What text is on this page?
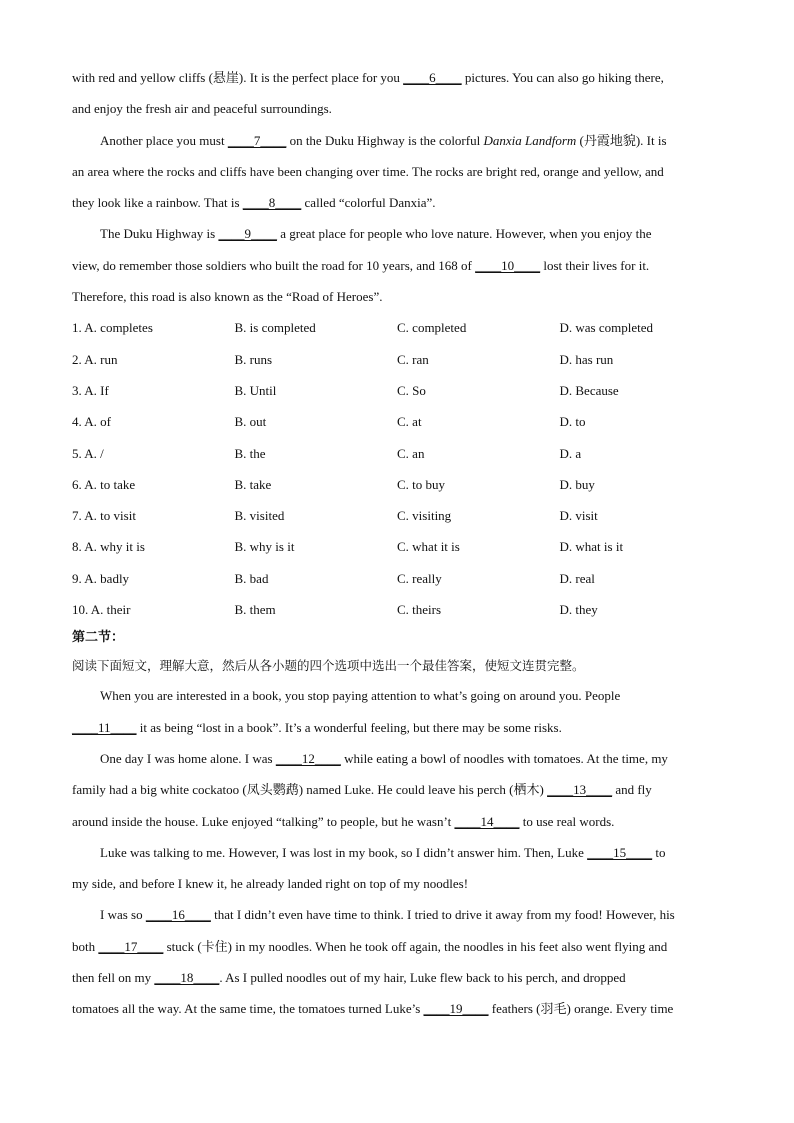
with red and yellow cliffs (悬崖). It is the perfect place for you ____6____ pictures. You can also go hiking there,
and enjoy the fresh air and peaceful surroundings.
Another place you must ____7____ on the Duku Highway is the colorful Danxia Landform (丹霞地貌). It is
an area where the rocks and cliffs have been changing over time. The rocks are bright red, orange and yellow, and
they look like a rainbow. That is ____8____ called “colorful Danxia”.
The Duku Highway is ____9____ a great place for people who love nature. However, when you enjoy the
view, do remember those soldiers who built the road for 10 years, and 168 of ____10____ lost their lives for it.
Therefore, this road is also known as the “Road of Heroes”.
1. A. completes	B. is completed	C. completed	D. was completed
2. A. run	B. runs	C. ran	D. has run
3. A. If	B. Until	C. So	D. Because
4. A. of	B. out	C. at	D. to
5. A. /	B. the	C. an	D. a
6. A. to take	B. take	C. to buy	D. buy
7. A. to visit	B. visited	C. visiting	D. visit
8. A. why it is	B. why is it	C. what it is	D. what is it
9. A. badly	B. bad	C. really	D. real
10. A. their	B. them	C. theirs	D. they
第二节：
阅读下面短文，理解大意，然后从各小题的四个选项中选出一个最佳答案，使短文连贯完整。
When you are interested in a book, you stop paying attention to what’s going on around you. People
____11____ it as being “lost in a book”. It’s a wonderful feeling, but there may be some risks.
One day I was home alone. I was ____12____ while eating a bowl of noodles with tomatoes. At the time, my
family had a big white cockatoo (凤头鹦鹉) named Luke. He could leave his perch (栖木) ____13____ and fly
around inside the house. Luke enjoyed “talking” to people, but he wasn’t ____14____ to use real words.
Luke was talking to me. However, I was lost in my book, so I didn’t answer him. Then, Luke ____15____ to
my side, and before I knew it, he already landed right on top of my noodles!
I was so ____16____ that I didn’t even have time to think. I tried to drive it away from my food! However, his
both ____17____ stuck (卡住) in my noodles. When he took off again, the noodles in his feet also went flying and
then fell on my ____18____. As I pulled noodles out of my hair, Luke flew back to his perch, and dropped
tomatoes all the way. At the same time, the tomatoes turned Luke’s ____19____ feathers (羽毛) orange. Every time
